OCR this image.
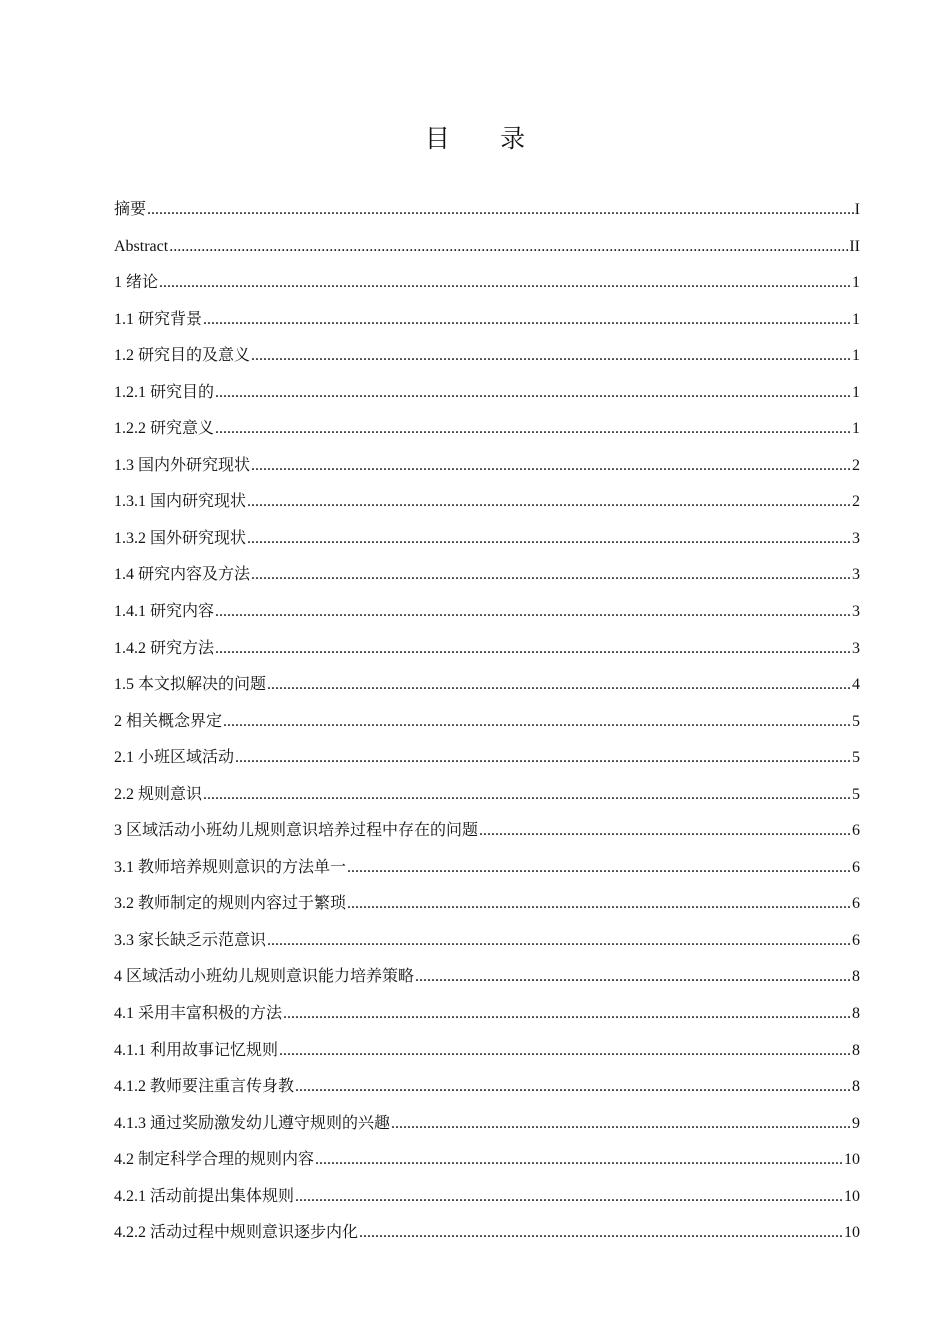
目 录
摘要 .....	I
Abstract .....	II
1 绪论 .....	1
1.1 研究背景 .....	1
1.2 研究目的及意义 .....	1
1.2.1 研究目的 .....	1
1.2.2 研究意义 .....	1
1.3 国内外研究现状 .....	2
1.3.1 国内研究现状 .....	2
1.3.2 国外研究现状 .....	3
1.4 研究内容及方法 .....	3
1.4.1 研究内容 .....	3
1.4.2 研究方法 .....	3
1.5 本文拟解决的问题 .....	4
2 相关概念界定 .....	5
2.1 小班区域活动 .....	5
2.2 规则意识 .....	5
3 区域活动小班幼儿规则意识培养过程中存在的问题 .....	6
3.1 教师培养规则意识的方法单一 .....	6
3.2 教师制定的规则内容过于繁琐 .....	6
3.3 家长缺乏示范意识 .....	6
4 区域活动小班幼儿规则意识能力培养策略 .....	8
4.1 采用丰富积极的方法 .....	8
4.1.1 利用故事记忆规则 .....	8
4.1.2 教师要注重言传身教 .....	8
4.1.3 通过奖励激发幼儿遵守规则的兴趣 .....	9
4.2 制定科学合理的规则内容 .....	10
4.2.1 活动前提出集体规则 .....	10
4.2.2 活动过程中规则意识逐步内化 .....	10
